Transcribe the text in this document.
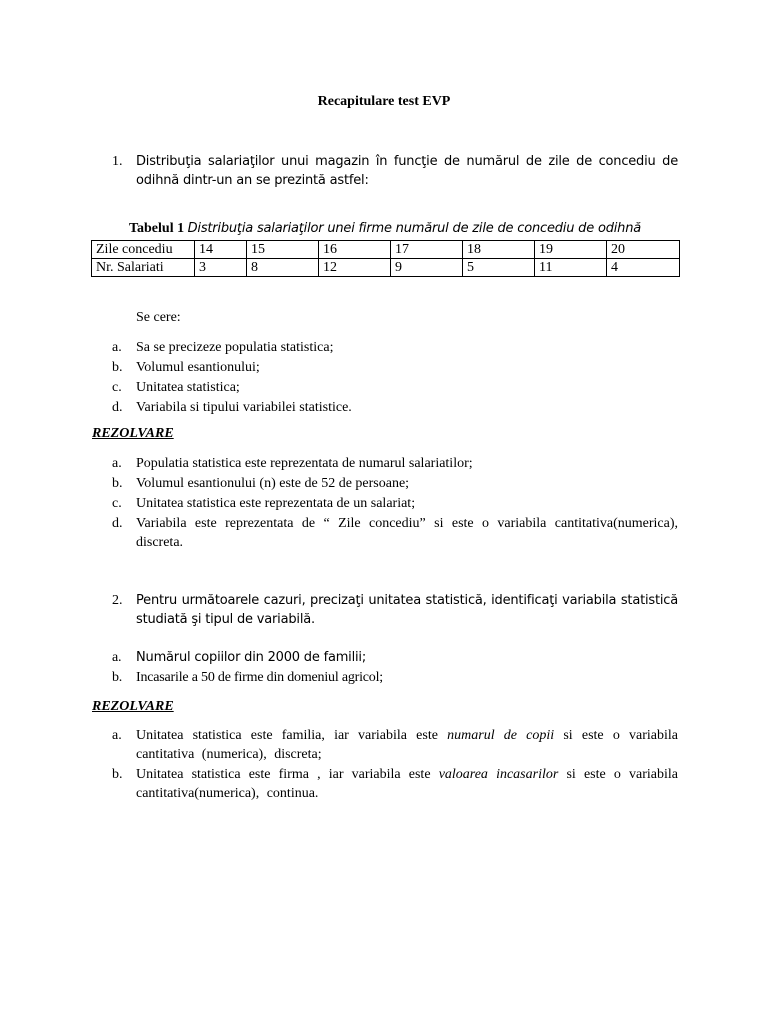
Recapitulare test EVP
1. Distribuţia salariaţilor unui magazin în funcţie de numărul de zile de concediu de odihnă dintr-un an se prezintă astfel:
Tabelul 1 Distribuţia salariaţilor unei firme numărul de zile de concediu de odihnă
Zile concediu	14	15	16	17	18	19	20
Nr. Salariati	3	8	12	9	5	11	4
Se cere:
a. Sa se precizeze populatia statistica;
b. Volumul esantionului;
c. Unitatea statistica;
d. Variabila si tipului variabilei statistice.
REZOLVARE
a. Populatia statistica este reprezentata de numarul salariatilor;
b. Volumul esantionului (n) este de 52 de persoane;
c. Unitatea statistica este reprezentata de un salariat;
d. Variabila este reprezentata de “ Zile concediu” si este o variabila cantitativa(numerica), discreta.
2. Pentru următoarele cazuri, precizaţi unitatea statistică, identificaţi variabila statistică studiată şi tipul de variabilă.
a. Numărul copiilor din 2000 de familii;
b. Incasarile a 50 de firme din domeniul agricol;
REZOLVARE
a. Unitatea statistica este familia, iar variabila este numarul de copii si este o variabila cantitativa (numerica), discreta;
b. Unitatea statistica este firma , iar variabila este valoarea incasarilor si este o variabila cantitativa(numerica), continua.
